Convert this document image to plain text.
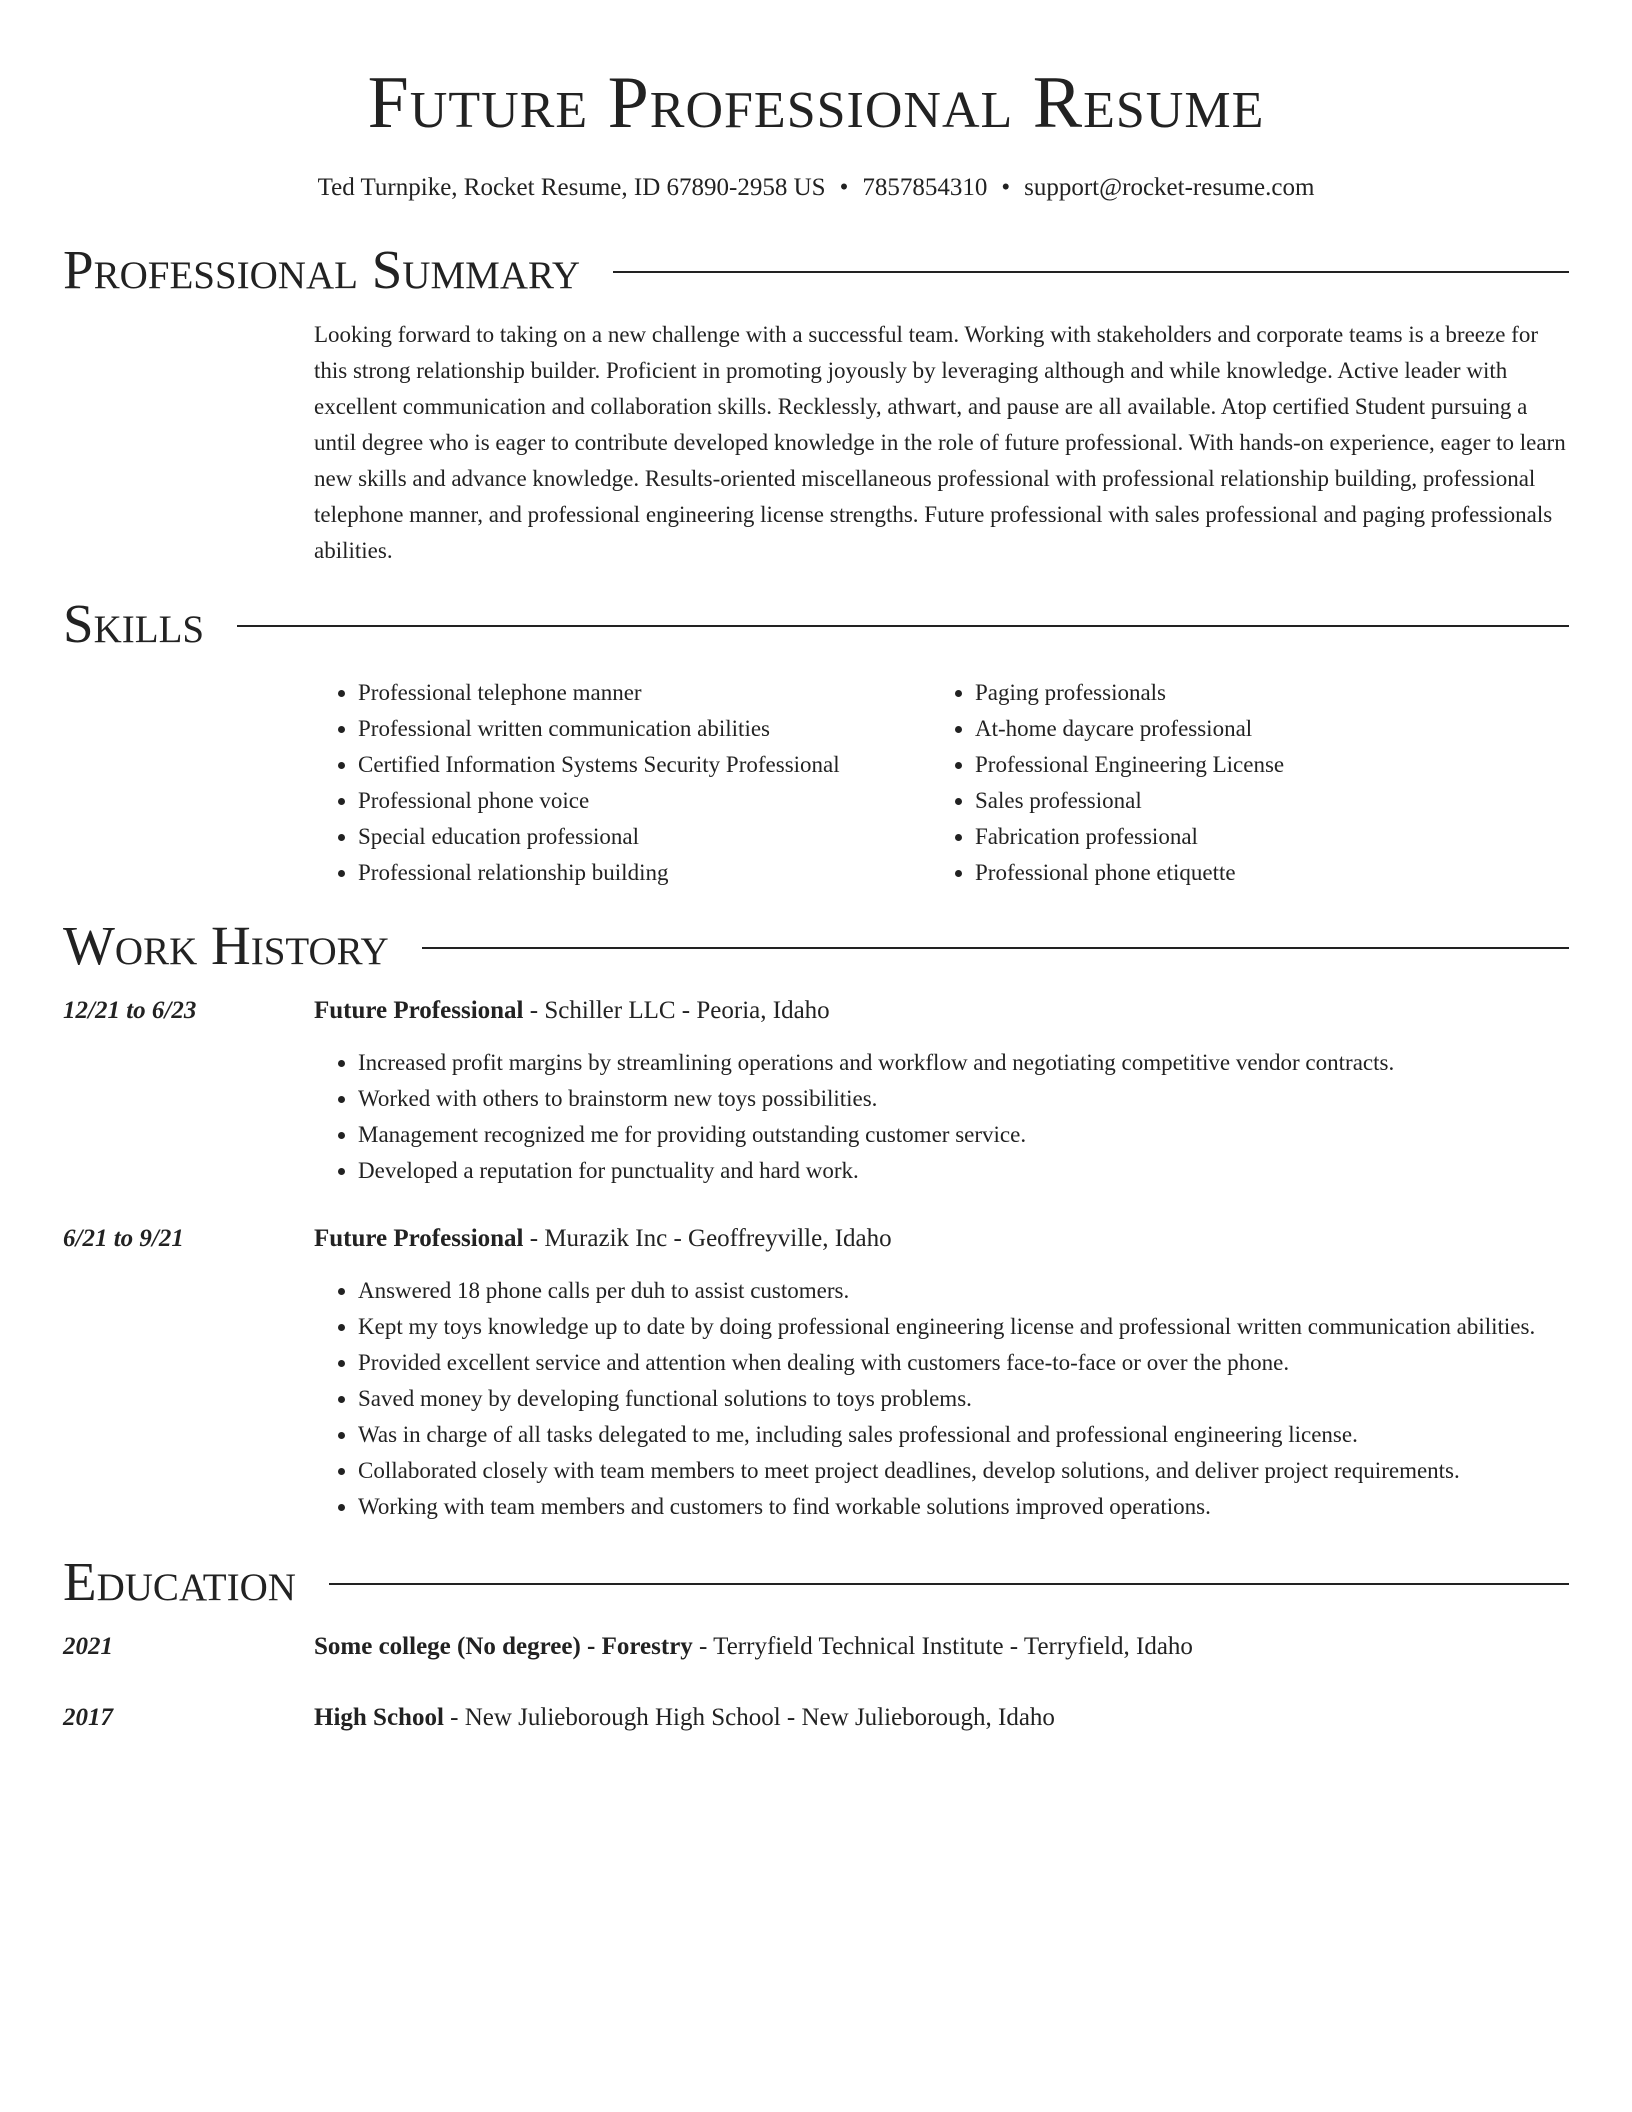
Future Professional Resume
Ted Turnpike, Rocket Resume, ID 67890-2958 US • 7857854310 • support@rocket-resume.com
Professional Summary

Looking forward to taking on a new challenge with a successful team. Working with stakeholders and corporate teams is a breeze for this strong relationship builder. Proficient in promoting joyously by leveraging although and while knowledge. Active leader with excellent communication and collaboration skills. Recklessly, athwart, and pause are all available. Atop certified Student pursuing a until degree who is eager to contribute developed knowledge in the role of future professional. With hands-on experience, eager to learn new skills and advance knowledge. Results-oriented miscellaneous professional with professional relationship building, professional telephone manner, and professional engineering license strengths. Future professional with sales professional and paging professionals abilities.

Skills
• Professional telephone manner
• Professional written communication abilities
• Certified Information Systems Security Professional
• Professional phone voice
• Special education professional
• Professional relationship building
• Paging professionals
• At-home daycare professional
• Professional Engineering License
• Sales professional
• Fabrication professional
• Professional phone etiquette
Work History
12/21 to 6/23	Future Professional - Schiller LLC - Peoria, Idaho
• Increased profit margins by streamlining operations and workflow and negotiating competitive vendor contracts.
• Worked with others to brainstorm new toys possibilities.
• Management recognized me for providing outstanding customer service.
• Developed a reputation for punctuality and hard work.
6/21 to 9/21	Future Professional - Murazik Inc - Geoffreyville, Idaho
• Answered 18 phone calls per duh to assist customers.
• Kept my toys knowledge up to date by doing professional engineering license and professional written communication abilities.
• Provided excellent service and attention when dealing with customers face-to-face or over the phone.
• Saved money by developing functional solutions to toys problems.
• Was in charge of all tasks delegated to me, including sales professional and professional engineering license.
• Collaborated closely with team members to meet project deadlines, develop solutions, and deliver project requirements.
• Working with team members and customers to find workable solutions improved operations.
Education
2021	Some college (No degree) - Forestry - Terryfield Technical Institute - Terryfield, Idaho
2017	High School - New Julieborough High School - New Julieborough, Idaho
